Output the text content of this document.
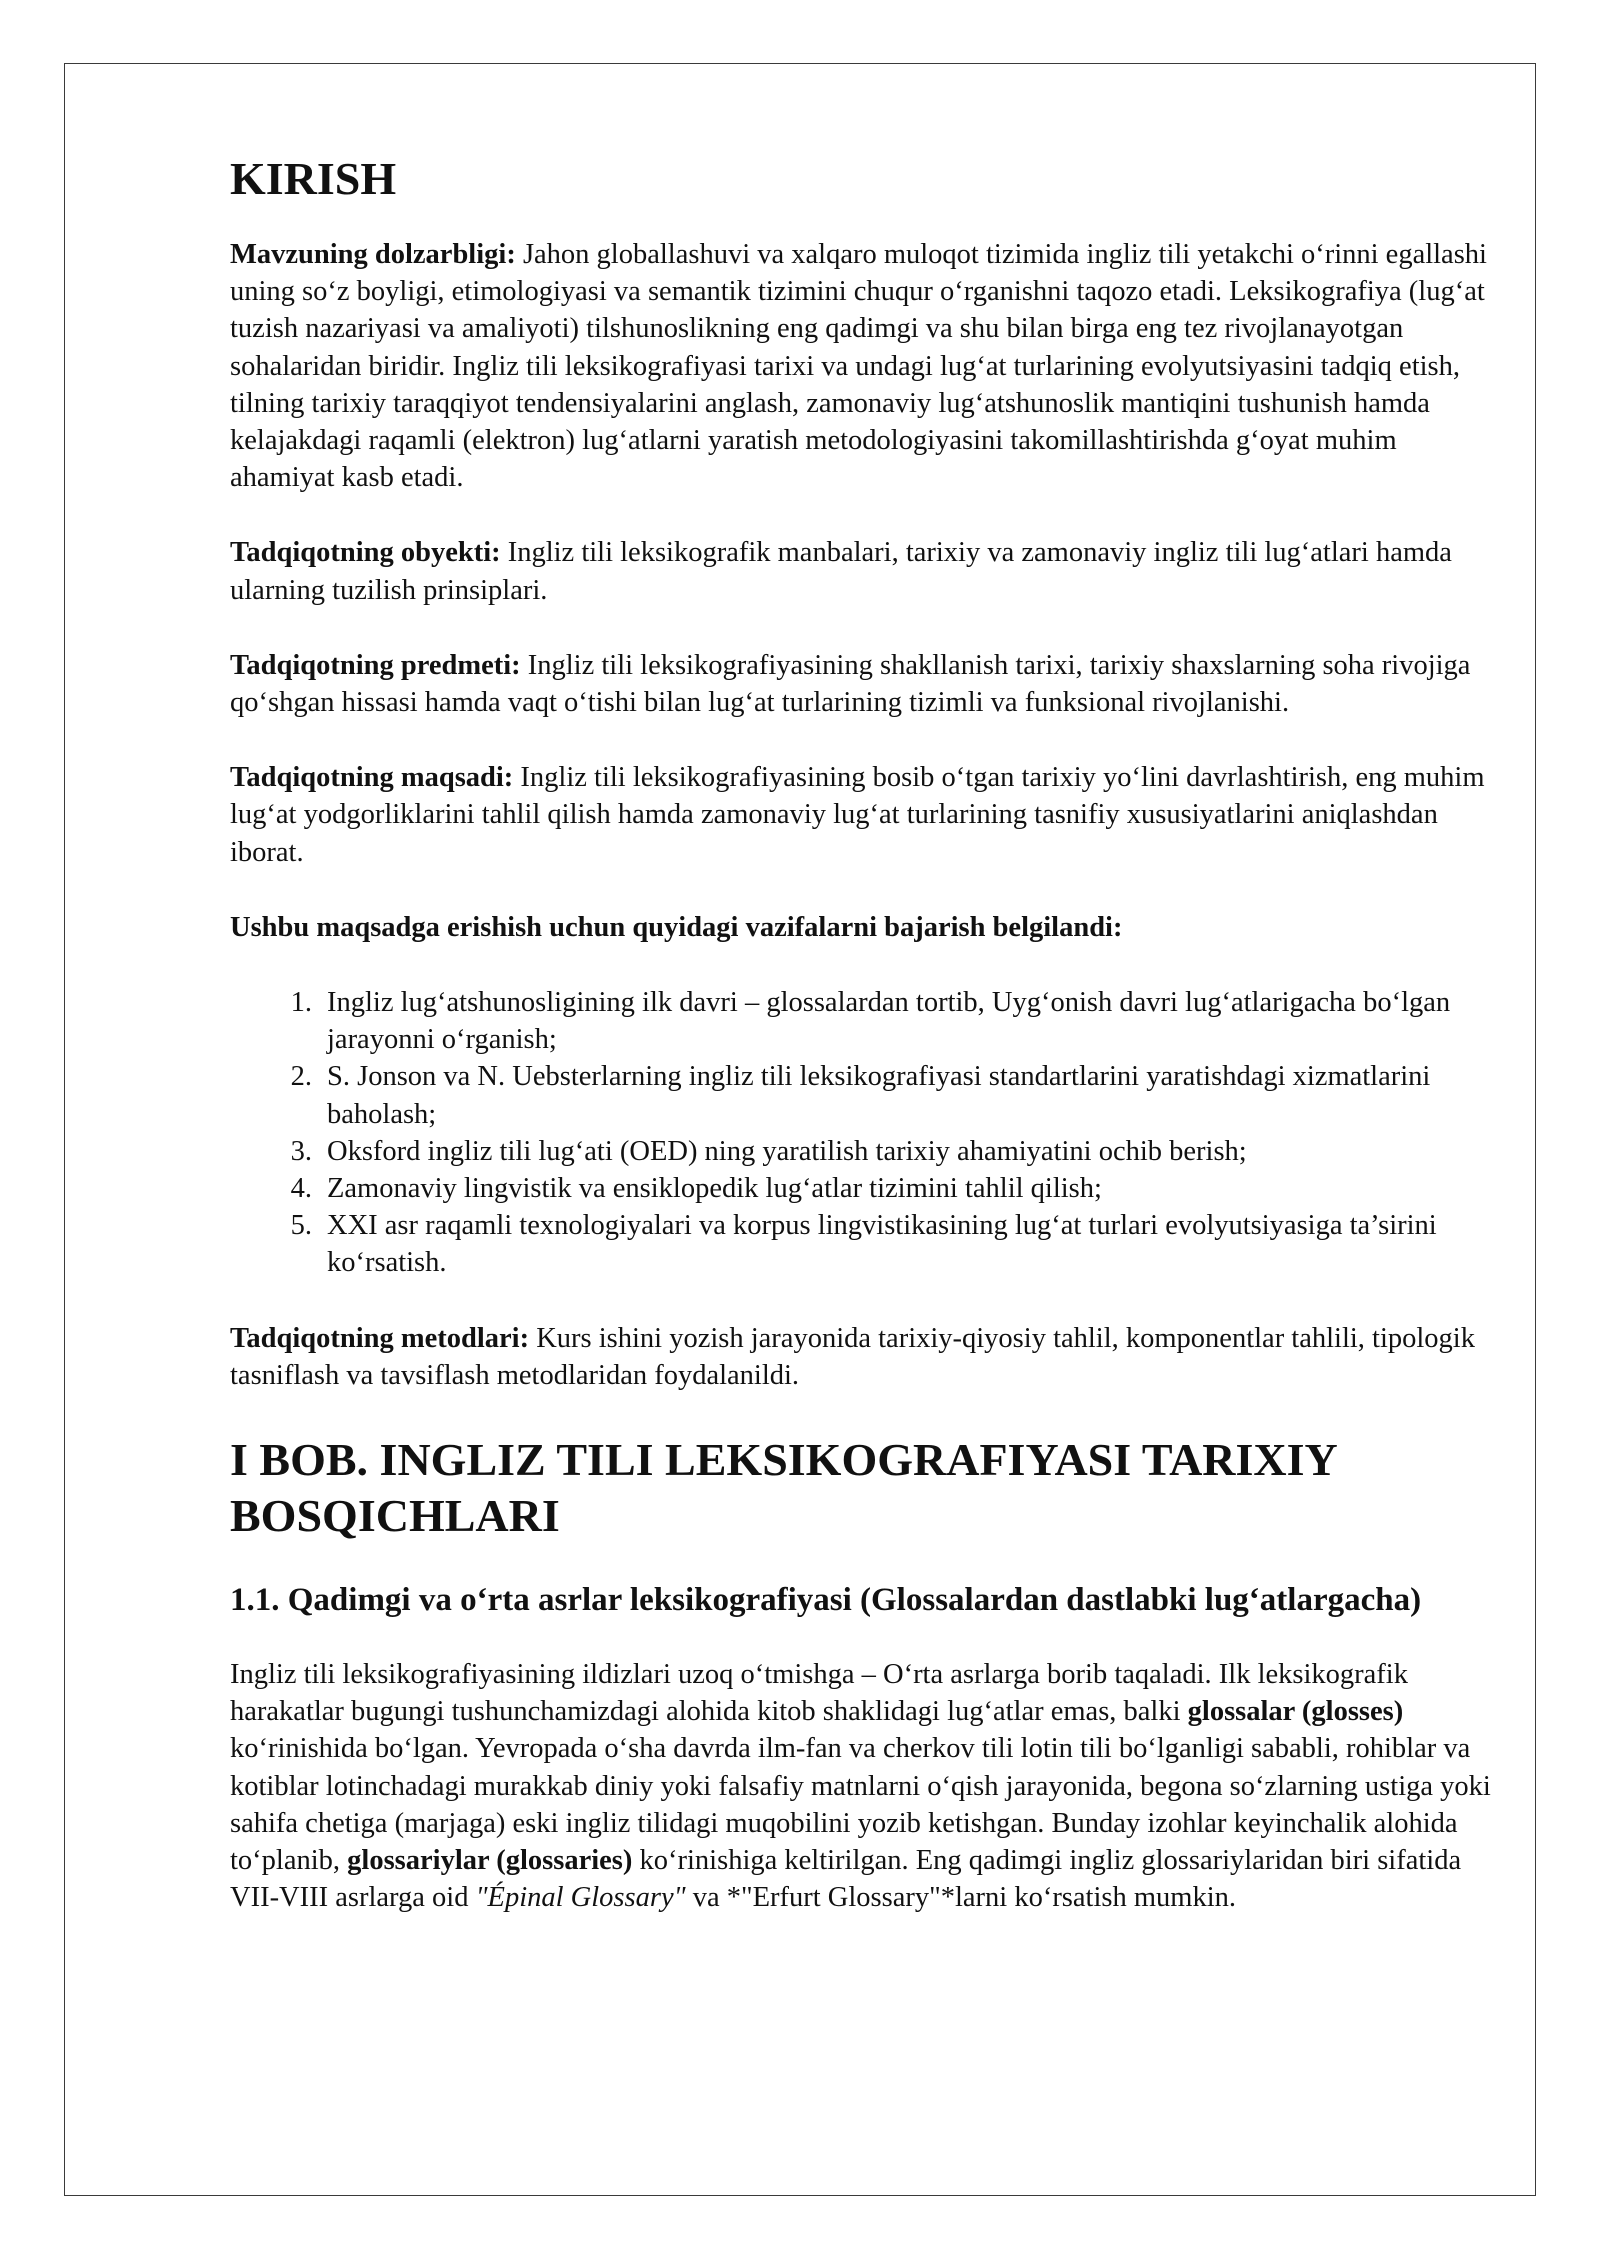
KIRISH

Mavzuning dolzarbligi: Jahon globallashuvi va xalqaro muloqot tizimida ingliz tili yetakchi oʻrinni egallashi uning soʻz boyligi, etimologiyasi va semantik tizimini chuqur oʻrganishni taqozo etadi. Leksikografiya (lugʻat tuzish nazariyasi va amaliyoti) tilshunoslikning eng qadimgi va shu bilan birga eng tez rivojlanayotgan sohalaridan biridir. Ingliz tili leksikografiyasi tarixi va undagi lugʻat turlarining evolyutsiyasini tadqiq etish, tilning tarixiy taraqqiyot tendensiyalarini anglash, zamonaviy lugʻatshunoslik mantiqini tushunish hamda kelajakdagi raqamli (elektron) lugʻatlarni yaratish metodologiyasini takomillashtirishda gʻoyat muhim ahamiyat kasb etadi.

Tadqiqotning obyekti: Ingliz tili leksikografik manbalari, tarixiy va zamonaviy ingliz tili lugʻatlari hamda ularning tuzilish prinsiplari.

Tadqiqotning predmeti: Ingliz tili leksikografiyasining shakllanish tarixi, tarixiy shaxslarning soha rivojiga qoʻshgan hissasi hamda vaqt oʻtishi bilan lugʻat turlarining tizimli va funksional rivojlanishi.

Tadqiqotning maqsadi: Ingliz tili leksikografiyasining bosib oʻtgan tarixiy yoʻlini davrlashtirish, eng muhim lugʻat yodgorliklarini tahlil qilish hamda zamonaviy lugʻat turlarining tasnifiy xususiyatlarini aniqlashdan iborat.

Ushbu maqsadga erishish uchun quyidagi vazifalarni bajarish belgilandi:

1. Ingliz lugʻatshunosligining ilk davri – glossalardan tortib, Uygʻonish davri lugʻatlarigacha boʻlgan jarayonni oʻrganish;
2. S. Jonson va N. Uebsterlarning ingliz tili leksikografiyasi standartlarini yaratishdagi xizmatlarini baholash;
3. Oksford ingliz tili lugʻati (OED) ning yaratilish tarixiy ahamiyatini ochib berish;
4. Zamonaviy lingvistik va ensiklopedik lugʻatlar tizimini tahlil qilish;
5. XXI asr raqamli texnologiyalari va korpus lingvistikasining lugʻat turlari evolyutsiyasiga ta’sirini koʻrsatish.

Tadqiqotning metodlari: Kurs ishini yozish jarayonida tarixiy-qiyosiy tahlil, komponentlar tahlili, tipologik tasniflash va tavsiflash metodlaridan foydalanildi.

I BOB. INGLIZ TILI LEKSIKOGRAFIYASI TARIXIY BOSQICHLARI
1.1. Qadimgi va oʻrta asrlar leksikografiyasi (Glossalardan dastlabki lugʻatlargacha)

Ingliz tili leksikografiyasining ildizlari uzoq oʻtmishga – Oʻrta asrlarga borib taqaladi. Ilk leksikografik harakatlar bugungi tushunchamizdagi alohida kitob shaklidagi lugʻatlar emas, balki glossalar (glosses) koʻrinishida boʻlgan. Yevropada oʻsha davrda ilm-fan va cherkov tili lotin tili boʻlganligi sababli, rohiblar va kotiblar lotinchadagi murakkab diniy yoki falsafiy matnlarni oʻqish jarayonida, begona soʻzlarning ustiga yoki sahifa chetiga (marjaga) eski ingliz tilidagi muqobilini yozib ketishgan. Bunday izohlar keyinchalik alohida toʻplanib, glossariylar (glossaries) koʻrinishiga keltirilgan. Eng qadimgi ingliz glossariylaridan biri sifatida VII-VIII asrlarga oid "Épinal Glossary" va *"Erfurt Glossary"*larni koʻrsatish mumkin.
